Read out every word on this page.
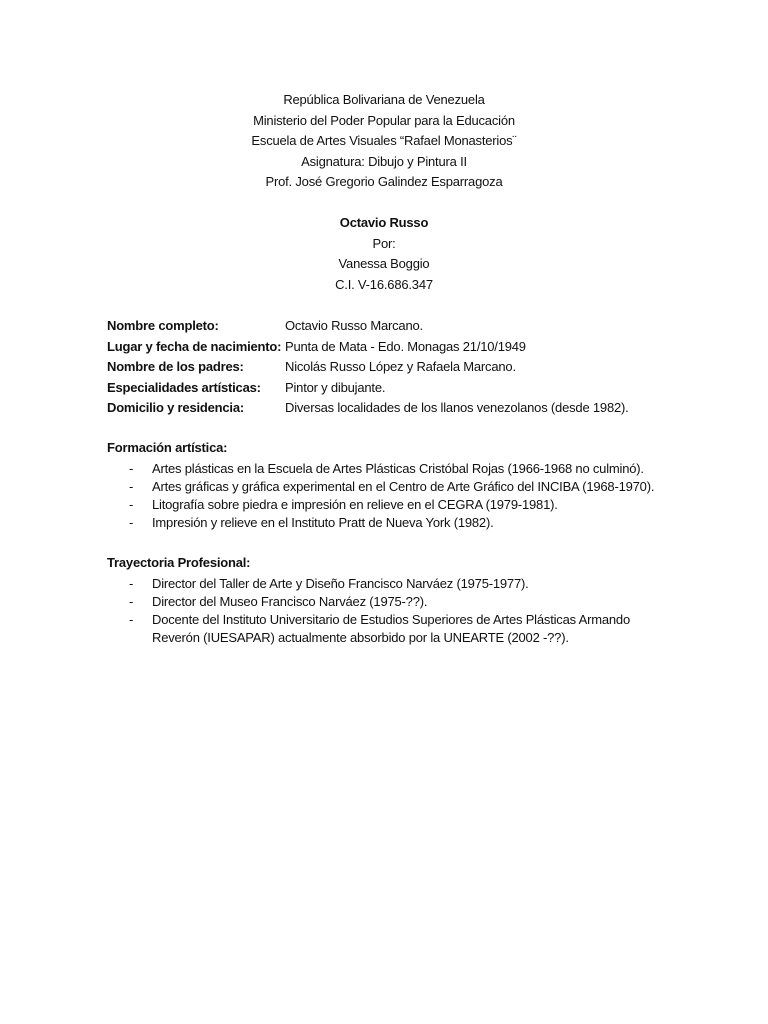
República Bolivariana de Venezuela
Ministerio del Poder Popular para la Educación
Escuela de Artes Visuales “Rafael Monasterios¨
Asignatura: Dibujo y Pintura II
Prof. José Gregorio Galindez Esparragoza
Octavio Russo
Por:
Vanessa Boggio
C.I. V-16.686.347
Nombre completo:	Octavio Russo Marcano.
Lugar y fecha de nacimiento: Punta de Mata - Edo. Monagas 21/10/1949
Nombre de los padres:	Nicolás Russo López y Rafaela Marcano.
Especialidades artísticas:	Pintor y dibujante.
Domicilio y residencia:	Diversas localidades de los llanos venezolanos (desde 1982).
Formación artística:
-	Artes plásticas en la Escuela de Artes Plásticas Cristóbal Rojas (1966-1968 no culminó).
-	Artes gráficas y gráfica experimental en el Centro de Arte Gráfico del INCIBA (1968-1970).
-	Litografía sobre piedra e impresión en relieve en el CEGRA (1979-1981).
-	Impresión y relieve en el Instituto Pratt de Nueva York (1982).
Trayectoria Profesional:
-	Director del Taller de Arte y Diseño Francisco Narváez (1975-1977).
-	Director del Museo Francisco Narváez (1975-??).
-	Docente del Instituto Universitario de Estudios Superiores de Artes Plásticas Armando Reverón (IUESAPAR) actualmente absorbido por la UNEARTE (2002 -??).
